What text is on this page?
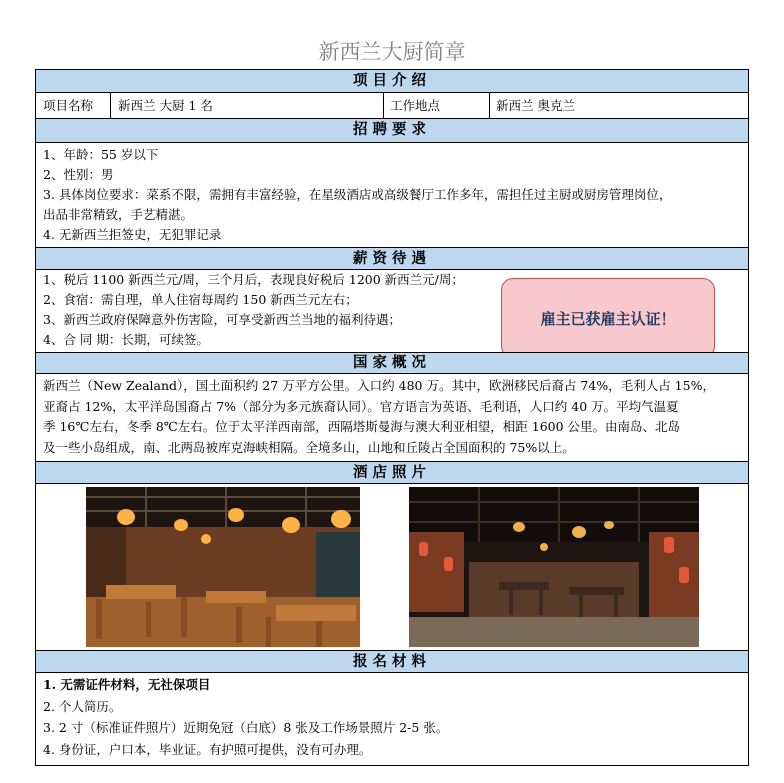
新西兰大厨简章
项目介绍
项目名称 新西兰 大厨 1 名	工作地点	新西兰 奥克兰
招聘要求
1、年龄：55 岁以下
2、性别：男
3. 具体岗位要求：菜系不限，需拥有丰富经验，在星级酒店或高级餐厅工作多年，需担任过主厨或厨房管理岗位，
出品非常精致，手艺精湛。
4. 无新西兰拒签史，无犯罪记录
薪资待遇
1、税后 1100 新西兰元/周，三个月后，表现良好税后 1200 新西兰元/周；
2、食宿：需自理，单人住宿每周约 150 新西兰元左右；
3、新西兰政府保障意外伤害险，可享受新西兰当地的福利待遇；
4、合 同 期：长期，可续签。
雇主已获雇主认证！
国家概况
新西兰（New Zealand），国土面积约 27 万平方公里。入口约 480 万。其中，欧洲移民后裔占 74%，毛利人占 15%，
亚裔占 12%，太平洋岛国裔占 7%（部分为多元族裔认同）。官方语言为英语、毛利语，人口约 40 万。平均气温夏
季 16℃左右，冬季 8℃左右。位于太平洋西南部，西隔塔斯曼海与澳大利亚相望，相距 1600 公里。由南岛、北岛
及一些小岛组成，南、北两岛被库克海峡相隔。全境多山，山地和丘陵占全国面积的 75%以上。
酒店照片
报名材料
1. 无需证件材料，无社保项目
2. 个人简历。
3. 2 寸（标准证件照片）近期免冠（白底）8 张及工作场景照片 2-5 张。
4. 身份证，户口本，毕业证。有护照可提供，没有可办理。
